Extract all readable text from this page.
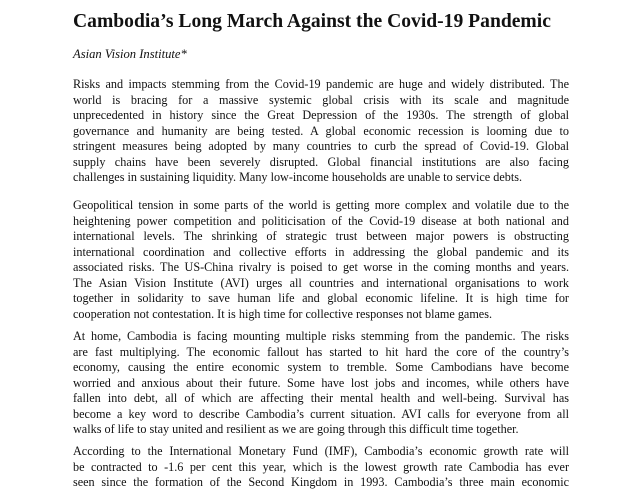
Cambodia’s Long March Against the Covid-19 Pandemic
Asian Vision Institute*
Risks and impacts stemming from the Covid-19 pandemic are huge and widely distributed. The
world is bracing for a massive systemic global crisis with its scale and magnitude
unprecedented in history since the Great Depression of the 1930s. The strength of global
governance and humanity are being tested. A global economic recession is looming due to
stringent measures being adopted by many countries to curb the spread of Covid-19. Global
supply chains have been severely disrupted. Global financial institutions are also facing
challenges in sustaining liquidity. Many low-income households are unable to service debts.
Geopolitical tension in some parts of the world is getting more complex and volatile due to the
heightening power competition and politicisation of the Covid-19 disease at both national and
international levels. The shrinking of strategic trust between major powers is obstructing
international coordination and collective efforts in addressing the global pandemic and its
associated risks. The US-China rivalry is poised to get worse in the coming months and years.
The Asian Vision Institute (AVI) urges all countries and international organisations to work
together in solidarity to save human life and global economic lifeline. It is high time for
cooperation not contestation. It is high time for collective responses not blame games.
At home, Cambodia is facing mounting multiple risks stemming from the pandemic. The risks
are fast multiplying. The economic fallout has started to hit hard the core of the country’s
economy, causing the entire economic system to tremble. Some Cambodians have become
worried and anxious about their future. Some have lost jobs and incomes, while others have
fallen into debt, all of which are affecting their mental health and well-being. Survival has
become a key word to describe Cambodia’s current situation. AVI calls for everyone from all
walks of life to stay united and resilient as we are going through this difficult time together.
According to the International Monetary Fund (IMF), Cambodia’s economic growth rate will
be contracted to -1.6 per cent this year, which is the lowest growth rate Cambodia has ever
seen since the formation of the Second Kingdom in 1993. Cambodia’s three main economic
